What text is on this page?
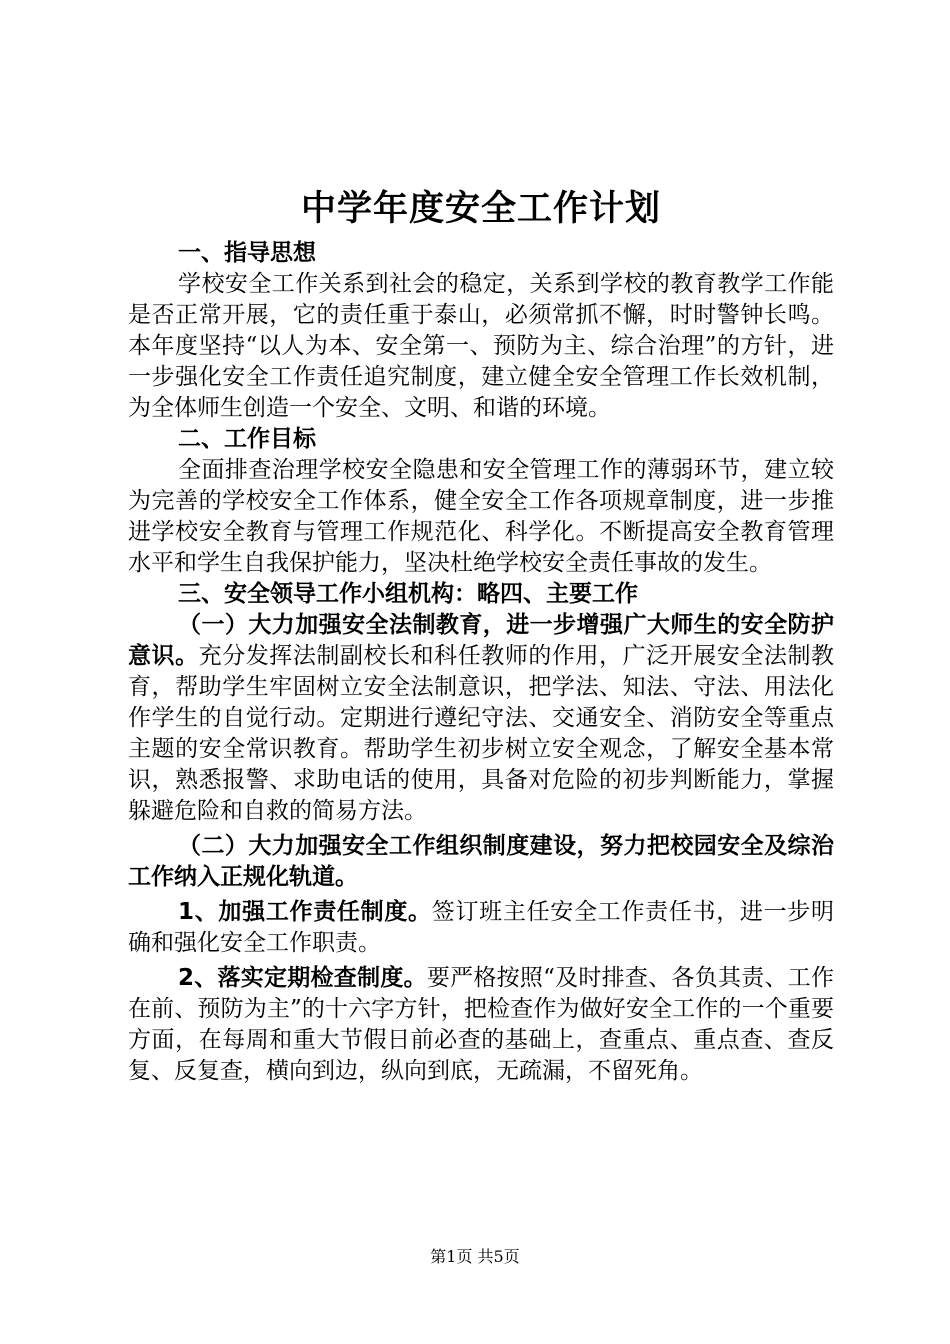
中学年度安全工作计划
一、指导思想

学校安全工作关系到社会的稳定，关系到学校的教育教学工作能是否正常开展，它的责任重于泰山，必须常抓不懈，时时警钟长鸣。本年度坚持“以人为本、安全第一、预防为主、综合治理”的方针，进一步强化安全工作责任追究制度，建立健全安全管理工作长效机制，为全体师生创造一个安全、文明、和谐的环境。

二、工作目标

全面排查治理学校安全隐患和安全管理工作的薄弱环节，建立较为完善的学校安全工作体系，健全安全工作各项规章制度，进一步推进学校安全教育与管理工作规范化、科学化。不断提高安全教育管理水平和学生自我保护能力，坚决杜绝学校安全责任事故的发生。

三、安全领导工作小组机构：略四、主要工作

（一）大力加强安全法制教育，进一步增强广大师生的安全防护意识。充分发挥法制副校长和科任教师的作用，广泛开展安全法制教育，帮助学生牢固树立安全法制意识，把学法、知法、守法、用法化作学生的自觉行动。定期进行遵纪守法、交通安全、消防安全等重点主题的安全常识教育。帮助学生初步树立安全观念，了解安全基本常识，熟悉报警、求助电话的使用，具备对危险的初步判断能力，掌握躲避危险和自救的简易方法。

（二）大力加强安全工作组织制度建设，努力把校园安全及综治工作纳入正规化轨道。

1、加强工作责任制度。签订班主任安全工作责任书，进一步明确和强化安全工作职责。

2、落实定期检查制度。要严格按照“及时排查、各负其责、工作在前、预防为主”的十六字方针，把检查作为做好安全工作的一个重要方面，在每周和重大节假日前必查的基础上，查重点、重点查、查反复、反复查，横向到边，纵向到底，无疏漏，不留死角。

第1页 共5页
